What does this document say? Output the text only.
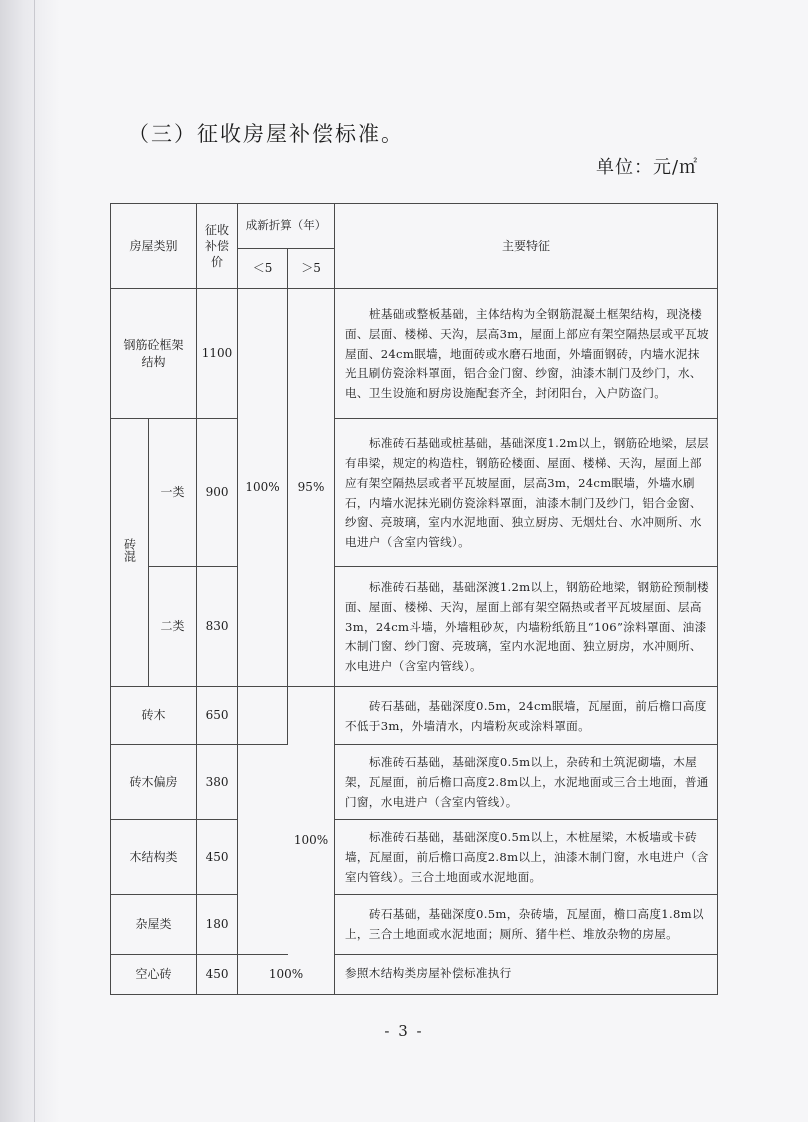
（三）征收房屋补偿标准。
单位：元/㎡
房屋类别		征收补偿价	成新折算（年）		主要特征
			＜5	＞5	
钢筋砼框架结构		1100	100%	95%	桩基础或整板基础，主体结构为全钢筋混凝土框架结构，现浇楼面、层面、楼梯、天沟，层高3m，屋面上部应有架空隔热层或平瓦坡屋面、24cm眠墙，地面砖或水磨石地面，外墙面钢砖，内墙水泥抹光且刷仿瓷涂料罩面，铝合金门窗、纱窗，油漆木制门及纱门，水、电、卫生设施和厨房设施配套齐全，封闭阳台，入户防盗门。
砖混	一类	900			标准砖石基础或桩基础，基础深度1.2m以上，钢筋砼地梁，层层有串梁，规定的构造柱，钢筋砼楼面、屋面、楼梯、天沟，屋面上部应有架空隔热层或者平瓦坡屋面，层高3m，24cm眠墙，外墙水刷石，内墙水泥抹光刷仿瓷涂料罩面，油漆木制门及纱门，铝合金窗、纱窗、亮玻璃，室内水泥地面、独立厨房、无烟灶台、水冲厕所、水电进户（含室内管线）。
	二类	830			标准砖石基础，基础深渡1.2m以上，钢筋砼地梁，钢筋砼预制楼面、屋面、楼梯、天沟，屋面上部有架空隔热或者平瓦坡屋面、层高3m，24cm斗墙，外墙粗砂灰，内墙粉纸筋且“106”涂料罩面、油漆木制门窗、纱门窗、亮玻璃，室内水泥地面、独立厨房，水冲厕所、水电进户（含室内管线）。
砖木		650		100%	砖石基础，基础深度0.5m，24cm眠墙，瓦屋面，前后檐口高度不低于3m，外墙清水，内墙粉灰或涂料罩面。
砖木偏房		380			标准砖石基础，基础深度0.5m以上，杂砖和土筑泥砌墙，木屋架，瓦屋面，前后檐口高度2.8m以上，水泥地面或三合土地面，普通门窗，水电进户（含室内管线）。
木结构类		450			标准砖石基础，基础深度0.5m以上，木桩屋梁，木板墙或卡砖墙，瓦屋面，前后檐口高度2.8m以上，油漆木制门窗，水电进户（含室内管线）。三合土地面或水泥地面。
杂屋类		180			砖石基础，基础深度0.5m，杂砖墙，瓦屋面，檐口高度1.8m以上，三合土地面或水泥地面；厕所、猪牛栏、堆放杂物的房屋。
空心砖		450	100%		参照木结构类房屋补偿标准执行
- 3 -
